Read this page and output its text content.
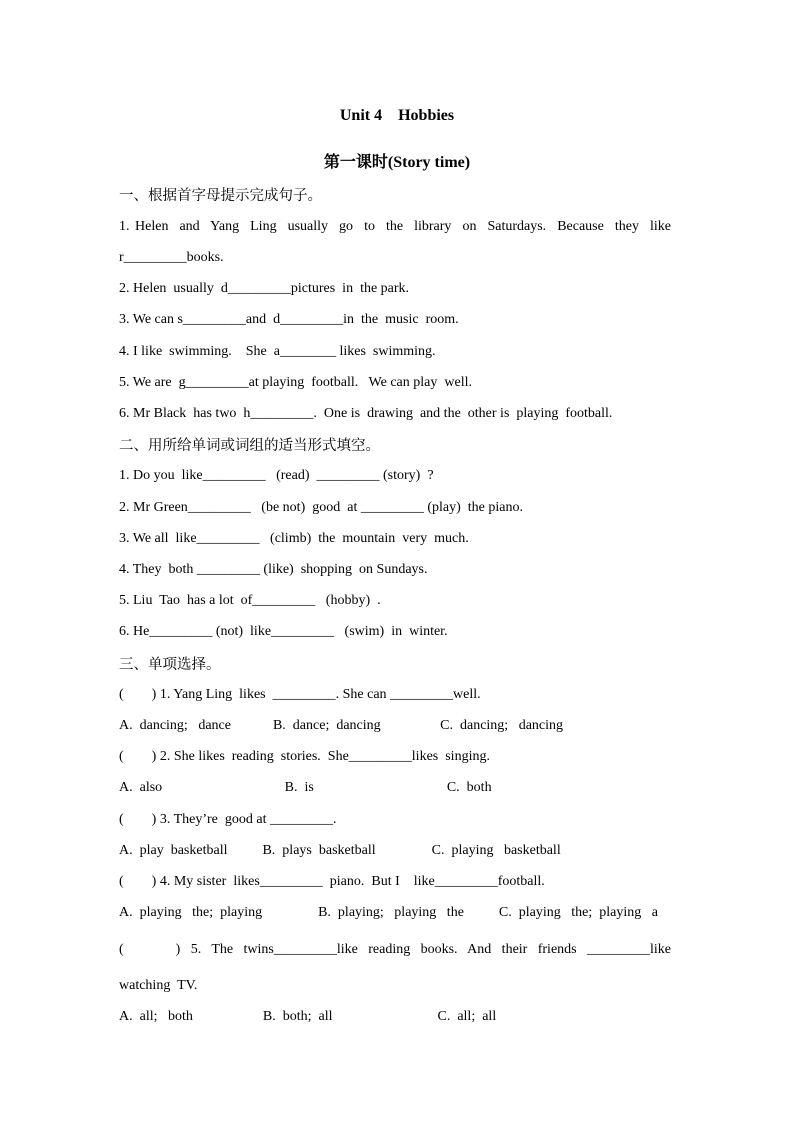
Unit 4    Hobbies
第一课时(Story time)
一、根据首字母提示完成句子。
1. Helen  and  Yang  Ling  usually  go  to  the  library  on  Saturdays.  Because  they  like
r_________books.
2. Helen  usually  d_________pictures  in  the park.
3. We can s_________and  d_________in  the  music  room.
4. I like  swimming.    She  a________ likes  swimming.
5. We are  g_________at playing  football.   We can play  well.
6. Mr Black  has two  h_________.  One is  drawing  and the  other is  playing  football.
二、用所给单词或词组的适当形式填空。
1. Do you  like_________   (read)  _________ (story)  ?
2. Mr Green_________   (be not)  good  at _________ (play)  the piano.
3. We all  like_________   (climb)  the  mountain  very  much.
4. They  both _________ (like)  shopping  on Sundays.
5. Liu  Tao  has a lot  of_________   (hobby)  .
6. He_________ (not)  like_________   (swim)  in  winter.
三、单项选择。
(        ) 1. Yang Ling  likes  _________. She can _________well.
A.  dancing;   dance            B.  dance;  dancing                 C.  dancing;   dancing
(        ) 2. She likes  reading  stories.  She_________likes  singing.
A.  also                                   B.  is                                      C.  both
(        ) 3. They’re  good at _________.
A.  play  basketball          B.  plays  basketball                C.  playing   basketball
(        ) 4. My sister  likes_________  piano.  But I    like_________football.
A.  playing   the;  playing                B.  playing;   playing   the          C.  playing   the;  playing   a
(          )  5.  The  twins_________like  reading  books.  And  their  friends  _________like
watching  TV.
A.  all;   both                    B.  both;  all                              C.  all;  all
